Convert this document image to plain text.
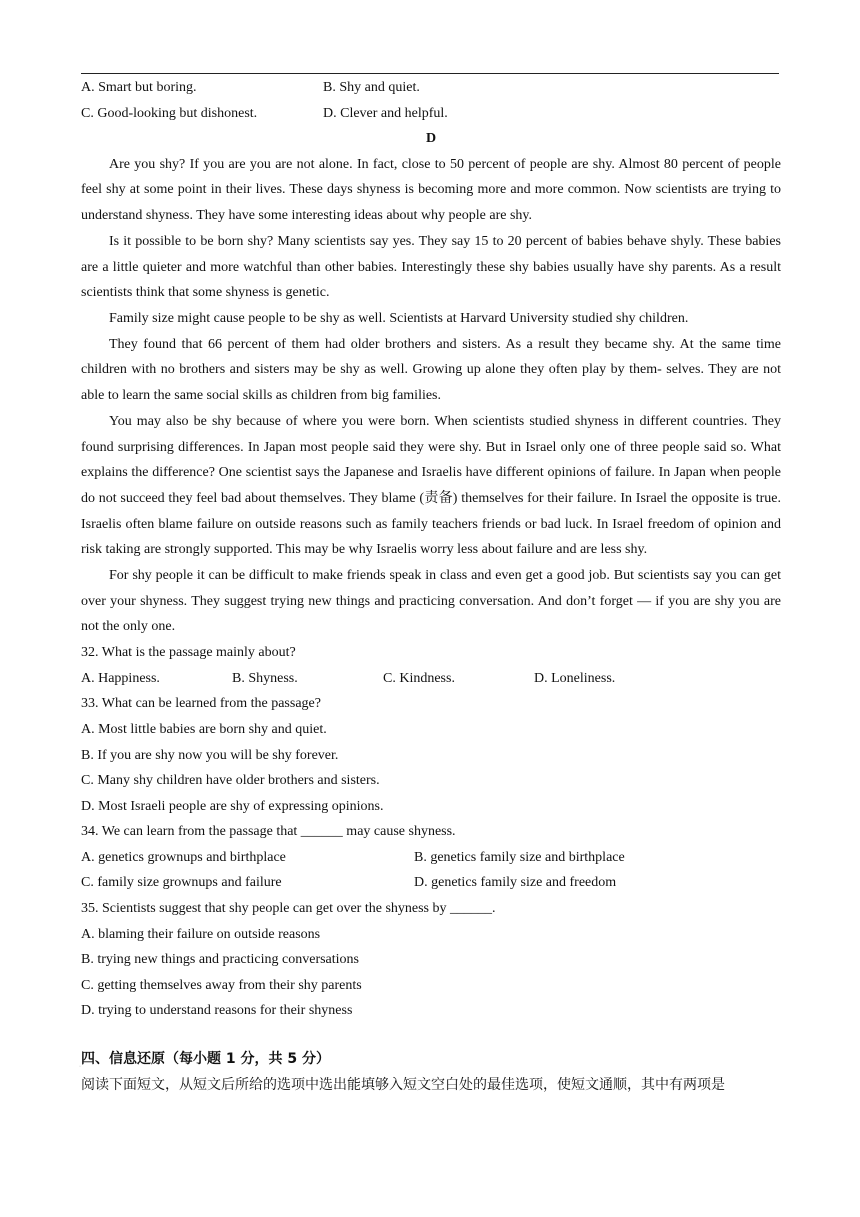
A. Smart but boring.	B. Shy and quiet.
C. Good-looking but dishonest.	D. Clever and helpful.
D

Are you shy? If you are you are not alone. In fact, close to 50 percent of people are shy. Almost 80 percent of people feel shy at some point in their lives. These days shyness is becoming more and more common. Now scientists are trying to understand shyness. They have some interesting ideas about why people are shy.

Is it possible to be born shy? Many scientists say yes. They say 15 to 20 percent of babies behave shyly. These babies are a little quieter and more watchful than other babies. Interestingly these shy babies usually have shy parents. As a result scientists think that some shyness is genetic.

Family size might cause people to be shy as well. Scientists at Harvard University studied shy children.

They found that 66 percent of them had older brothers and sisters. As a result they became shy. At the same time children with no brothers and sisters may be shy as well. Growing up alone they often play by them- selves. They are not able to learn the same social skills as children from big families.

You may also be shy because of where you were born. When scientists studied shyness in different countries. They found surprising differences. In Japan most people said they were shy. But in Israel only one of three people said so. What explains the difference? One scientist says the Japanese and Israelis have different opinions of failure. In Japan when people do not succeed they feel bad about themselves. They blame (责备) themselves for their failure. In Israel the opposite is true. Israelis often blame failure on outside reasons such as family teachers friends or bad luck. In Israel freedom of opinion and risk taking are strongly supported. This may be why Israelis worry less about failure and are less shy.

For shy people it can be difficult to make friends speak in class and even get a good job. But scientists say you can get over your shyness. They suggest trying new things and practicing conversation. And don’t forget — if you are shy you are not the only one.

32. What is the passage mainly about?
A. Happiness.	B. Shyness.	C. Kindness.	D. Loneliness.
33. What can be learned from the passage?
A. Most little babies are born shy and quiet.
B. If you are shy now you will be shy forever.
C. Many shy children have older brothers and sisters.
D. Most Israeli people are shy of expressing opinions.
34. We can learn from the passage that ______ may cause shyness.
A. genetics grownups and birthplace	B. genetics family size and birthplace
C. family size grownups and failure	D. genetics family size and freedom
35. Scientists suggest that shy people can get over the shyness by ______.
A. blaming their failure on outside reasons
B. trying new things and practicing conversations
C. getting themselves away from their shy parents
D. trying to understand reasons for their shyness
四、信息还原（每小题 1 分，共 5 分）
阅读下面短文，从短文后所给的选项中选出能填够入短文空白处的最佳选项，使短文通顺，其中有两项是
·
